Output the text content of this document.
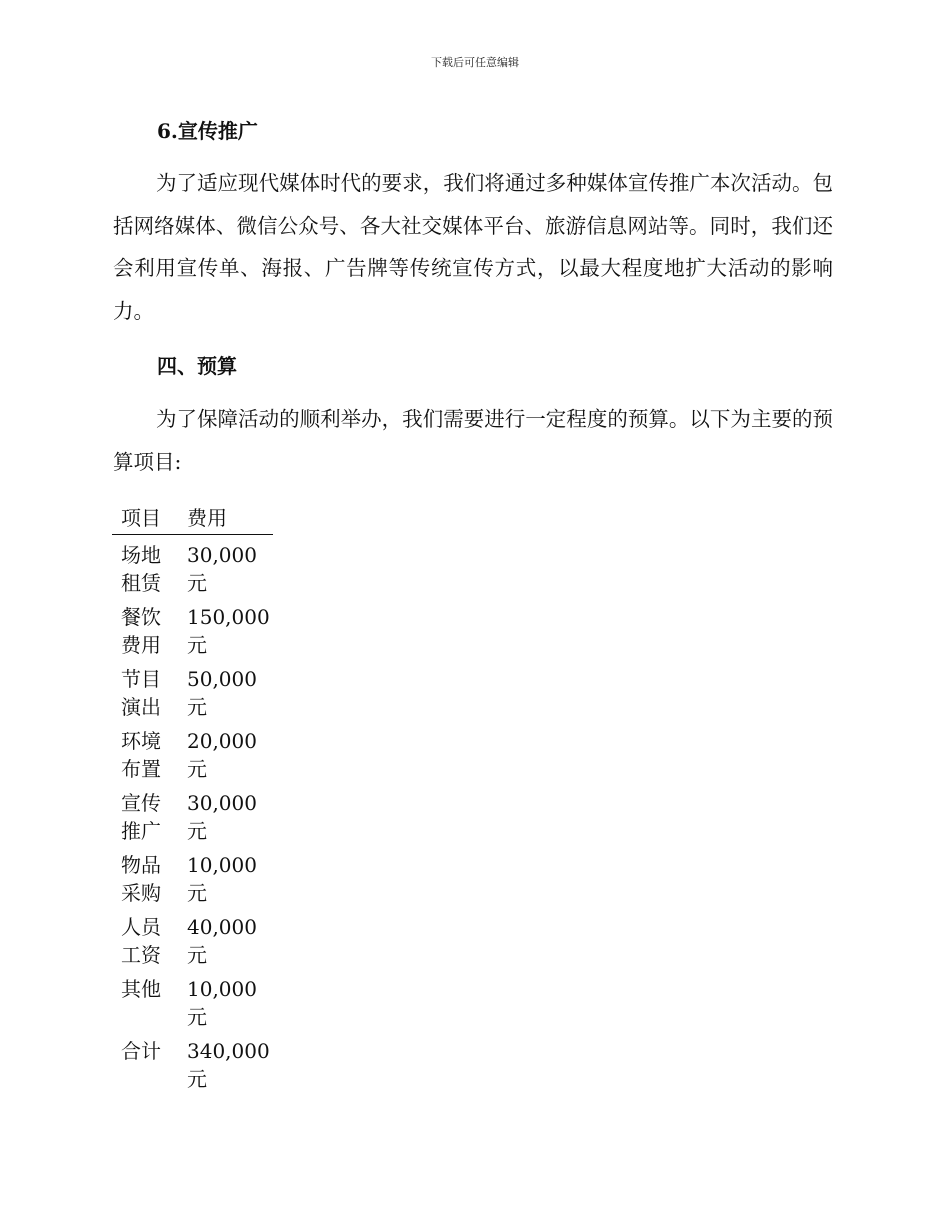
下载后可任意编辑
6.宣传推广

为了适应现代媒体时代的要求，我们将通过多种媒体宣传推广本次活动。包括网络媒体、微信公众号、各大社交媒体平台、旅游信息网站等。同时，我们还会利用宣传单、海报、广告牌等传统宣传方式，以最大程度地扩大活动的影响力。

四、预算

为了保障活动的顺利举办，我们需要进行一定程度的预算。以下为主要的预算项目:

项目	费用

场地租赁	30,000
元

餐饮费用	150,000
元

节目演出	50,000
元

环境布置	20,000
元

宣传推广	30,000
元

物品采购	10,000
元

人员工资	40,000
元

其他	10,000
元

合计	340,000
元
